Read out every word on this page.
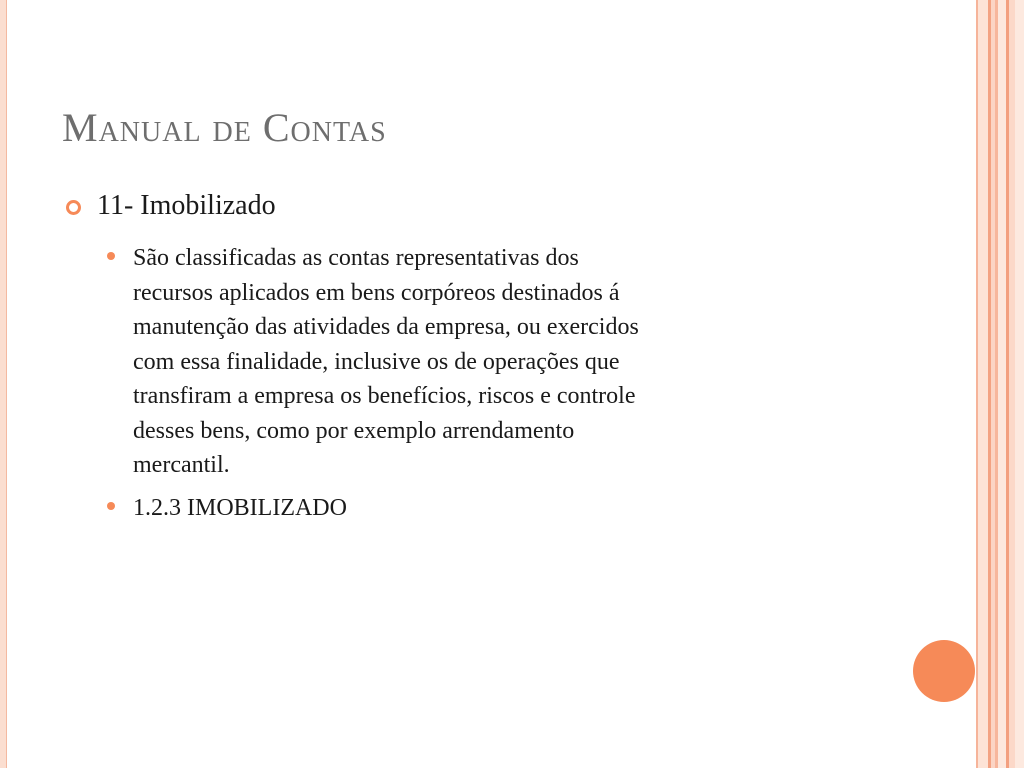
Manual de Contas
11- Imobilizado
São classificadas as contas representativas dos
recursos aplicados em bens corpóreos destinados á
manutenção das atividades da empresa, ou exercidos
com essa finalidade, inclusive os de operações que
transfiram a empresa os benefícios, riscos e controle
desses bens, como por exemplo arrendamento
mercantil.
1.2.3 IMOBILIZADO
